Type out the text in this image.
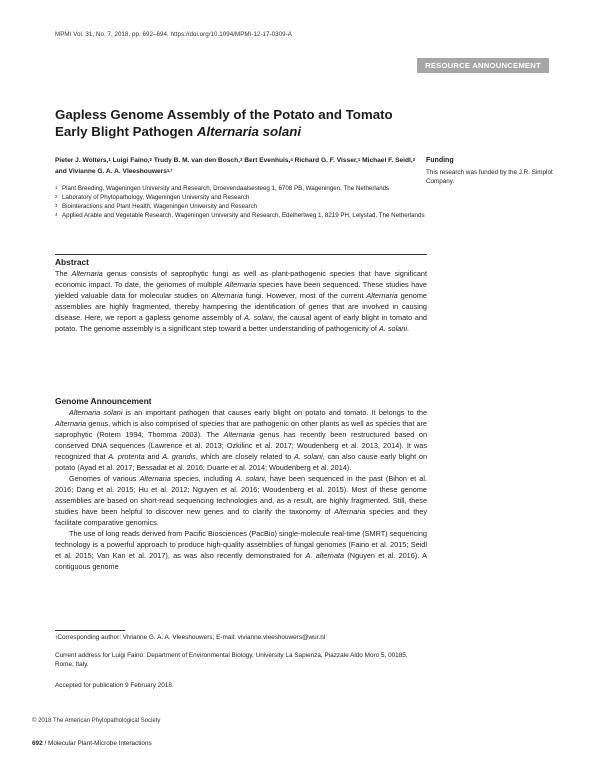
MPMI Vol. 31, No. 7, 2018, pp. 692–694. https://doi.org/10.1094/MPMI-12-17-0309-A
RESOURCE ANNOUNCEMENT
Gapless Genome Assembly of the Potato and Tomato Early Blight Pathogen Alternaria solani
Pieter J. Wolters,$^1$ Luigi Faino,$^2$ Trudy B. M. van den Bosch,$^3$ Bert Evenhuis,$^4$ Richard G. F. Visser,$^1$ Michael F. Seidl,$^2$ and Vivianne G. A. A. Vleeshouwers$^{1,\dagger}$
1 Plant Breeding, Wageningen University and Research, Droevendaalsesteeg 1, 6708 PB, Wageningen, The Netherlands
2 Laboratory of Phytopathology, Wageningen University and Research
3 Biointeractions and Plant Health, Wageningen University and Research
4 Applied Arable and Vegetable Research, Wageningen University and Research, Edelhertweg 1, 8219 PH, Lelystad, The Netherlands
Abstract
The Alternaria genus consists of saprophytic fungi as well as plant-pathogenic species that have significant economic impact. To date, the genomes of multiple Alternaria species have been sequenced. These studies have yielded valuable data for molecular studies on Alternaria fungi. However, most of the current Alternaria genome assemblies are highly fragmented, thereby hampering the identification of genes that are involved in causing disease. Here, we report a gapless genome assembly of A. solani, the causal agent of early blight in tomato and potato. The genome assembly is a significant step toward a better understanding of pathogenicity of A. solani.
Genome Announcement

Alternaria solani is an important pathogen that causes early blight on potato and tomato. It belongs to the Alternaria genus, which is also comprised of species that are pathogenic on other plants as well as species that are saprophytic (Rotem 1994; Thomma 2003). The Alternaria genus has recently been restructured based on conserved DNA sequences (Lawrence et al. 2013; Ozkilinc et al. 2017; Woudenberg et al. 2013, 2014). It was recognized that A. protenta and A. grandis, which are closely related to A. solani, can also cause early blight on potato (Ayad et al. 2017; Bessadat et al. 2016; Duarte et al. 2014; Woudenberg et al. 2014).

Genomes of various Alternaria species, including A. solani, have been sequenced in the past (Bihon et al. 2016; Dang et al. 2015; Hu et al. 2012; Nguyen et al. 2016; Woudenberg et al. 2015). Most of these genome assemblies are based on short-read sequencing technologies and, as a result, are highly fragmented. Still, these studies have been helpful to discover new genes and to clarify the taxonomy of Alternaria species and they facilitate comparative genomics.

The use of long reads derived from Pacific Biosciences (PacBio) single-molecule real-time (SMRT) sequencing technology is a powerful approach to produce high-quality assemblies of fungal genomes (Faino et al. 2015; Seidl et al. 2015; Van Kan et al. 2017), as was also recently demonstrated for A. alternata (Nguyen et al. 2016). A contiguous genome

†Corresponding author: Vivianne G. A. A. Vleeshouwers; E-mail: vivianne.vleeshouwers@wur.nl
Current address for Luigi Faino: Department of Environmental Biology, University La Sapienza, Piazzale Aldo Moro 5, 00185, Rome, Italy.
Accepted for publication 9 February 2018.
© 2018 The American Phytopathological Society
692 / Molecular Plant-Microbe Interactions
Funding
This research was funded by the J.R. Simplot Company.
